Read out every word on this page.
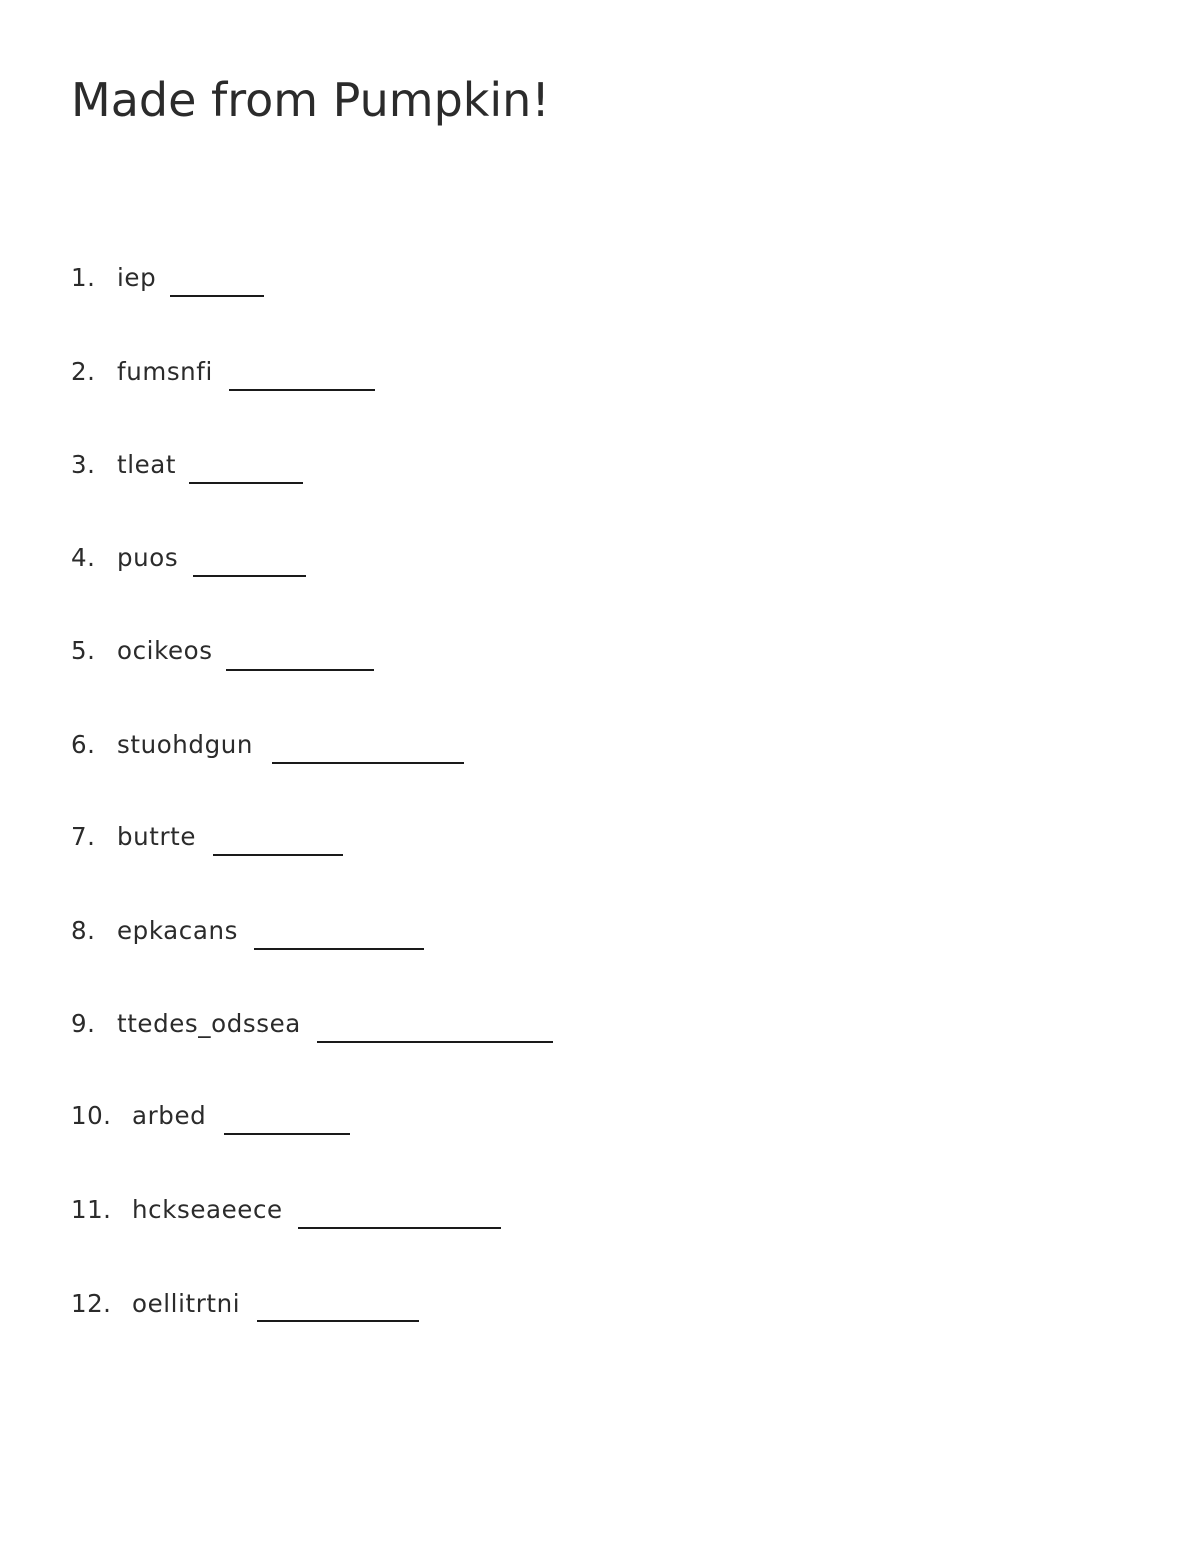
Made from Pumpkin!
1. iep
2. fumsnfi
3. tleat
4. puos
5. ocikeos
6. stuohdgun
7. butrte
8. epkacans
9. ttedes_odssea
10. arbed
11. hckseaeece
12. oellitrtni
